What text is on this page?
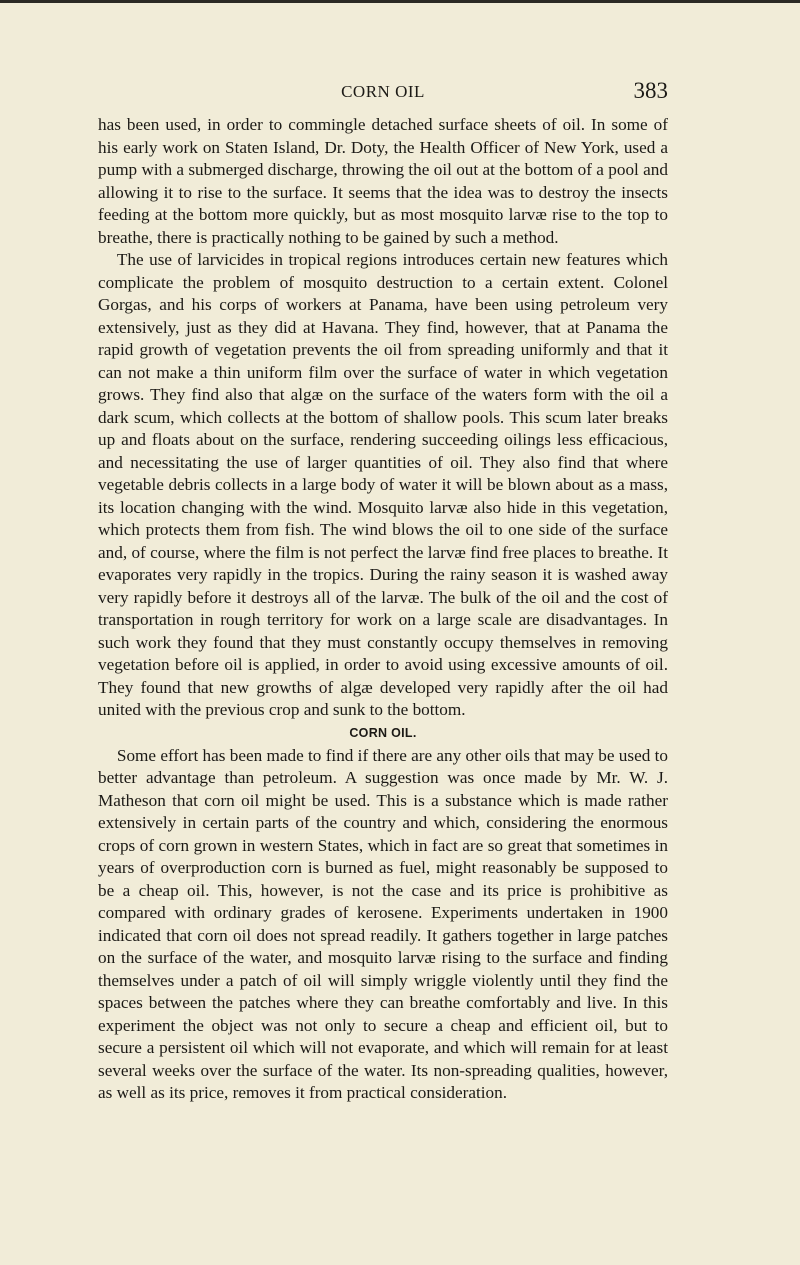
CORN OIL	383

has been used, in order to commingle detached surface sheets of oil. In some of his early work on Staten Island, Dr. Doty, the Health Officer of New York, used a pump with a submerged discharge, throwing the oil out at the bottom of a pool and allowing it to rise to the surface. It seems that the idea was to destroy the insects feeding at the bottom more quickly, but as most mosquito larvæ rise to the top to breathe, there is practically nothing to be gained by such a method.

The use of larvicides in tropical regions introduces certain new features which complicate the problem of mosquito destruction to a certain extent. Colonel Gorgas, and his corps of workers at Panama, have been using petroleum very extensively, just as they did at Havana. They find, however, that at Panama the rapid growth of vegetation prevents the oil from spreading uniformly and that it can not make a thin uniform film over the surface of water in which vegetation grows. They find also that algæ on the surface of the waters form with the oil a dark scum, which collects at the bottom of shallow pools. This scum later breaks up and floats about on the surface, rendering succeeding oilings less efficacious, and necessitating the use of larger quantities of oil. They also find that where vegetable debris collects in a large body of water it will be blown about as a mass, its location changing with the wind. Mosquito larvæ also hide in this vegetation, which protects them from fish. The wind blows the oil to one side of the surface and, of course, where the film is not perfect the larvæ find free places to breathe. It evaporates very rapidly in the tropics. During the rainy season it is washed away very rapidly before it destroys all of the larvæ. The bulk of the oil and the cost of transportation in rough territory for work on a large scale are disadvantages. In such work they found that they must constantly occupy themselves in removing vegetation before oil is applied, in order to avoid using excessive amounts of oil. They found that new growths of algæ developed very rapidly after the oil had united with the previous crop and sunk to the bottom.

CORN OIL.

Some effort has been made to find if there are any other oils that may be used to better advantage than petroleum. A suggestion was once made by Mr. W. J. Matheson that corn oil might be used. This is a substance which is made rather extensively in certain parts of the country and which, considering the enormous crops of corn grown in western States, which in fact are so great that sometimes in years of overproduction corn is burned as fuel, might reasonably be supposed to be a cheap oil. This, however, is not the case and its price is prohibitive as compared with ordinary grades of kerosene. Experiments undertaken in 1900 indicated that corn oil does not spread readily. It gathers together in large patches on the surface of the water, and mosquito larvæ rising to the surface and finding themselves under a patch of oil will simply wriggle violently until they find the spaces between the patches where they can breathe comfortably and live. In this experiment the object was not only to secure a cheap and efficient oil, but to secure a persistent oil which will not evaporate, and which will remain for at least several weeks over the surface of the water. Its non-spreading qualities, however, as well as its price, removes it from practical consideration.
